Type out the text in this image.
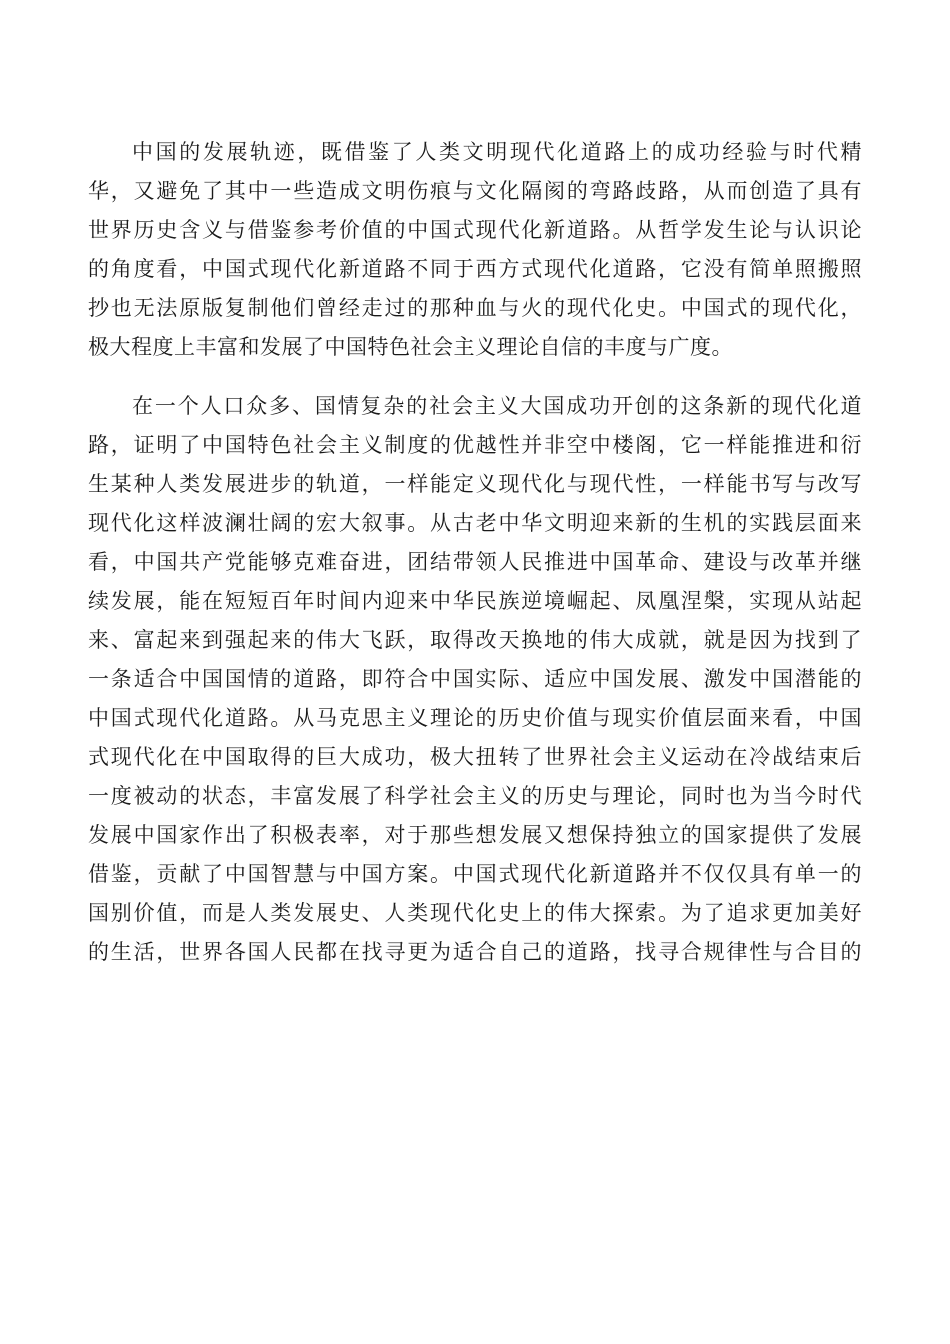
中国的发展轨迹，既借鉴了人类文明现代化道路上的成功经验与时代精
华，又避免了其中一些造成文明伤痕与文化隔阂的弯路歧路，从而创造了具有
世界历史含义与借鉴参考价值的中国式现代化新道路。从哲学发生论与认识论
的角度看，中国式现代化新道路不同于西方式现代化道路，它没有简单照搬照
抄也无法原版复制他们曾经走过的那种血与火的现代化史。中国式的现代化，
极大程度上丰富和发展了中国特色社会主义理论自信的丰度与广度。
在一个人口众多、国情复杂的社会主义大国成功开创的这条新的现代化道
路，证明了中国特色社会主义制度的优越性并非空中楼阁，它一样能推进和衍
生某种人类发展进步的轨道，一样能定义现代化与现代性，一样能书写与改写
现代化这样波澜壮阔的宏大叙事。从古老中华文明迎来新的生机的实践层面来
看，中国共产党能够克难奋进，团结带领人民推进中国革命、建设与改革并继
续发展，能在短短百年时间内迎来中华民族逆境崛起、凤凰涅槃，实现从站起
来、富起来到强起来的伟大飞跃，取得改天换地的伟大成就，就是因为找到了
一条适合中国国情的道路，即符合中国实际、适应中国发展、激发中国潜能的
中国式现代化道路。从马克思主义理论的历史价值与现实价值层面来看，中国
式现代化在中国取得的巨大成功，极大扭转了世界社会主义运动在冷战结束后
一度被动的状态，丰富发展了科学社会主义的历史与理论，同时也为当今时代
发展中国家作出了积极表率，对于那些想发展又想保持独立的国家提供了发展
借鉴，贡献了中国智慧与中国方案。中国式现代化新道路并不仅仅具有单一的
国别价值，而是人类发展史、人类现代化史上的伟大探索。为了追求更加美好
的生活，世界各国人民都在找寻更为适合自己的道路，找寻合规律性与合目的
